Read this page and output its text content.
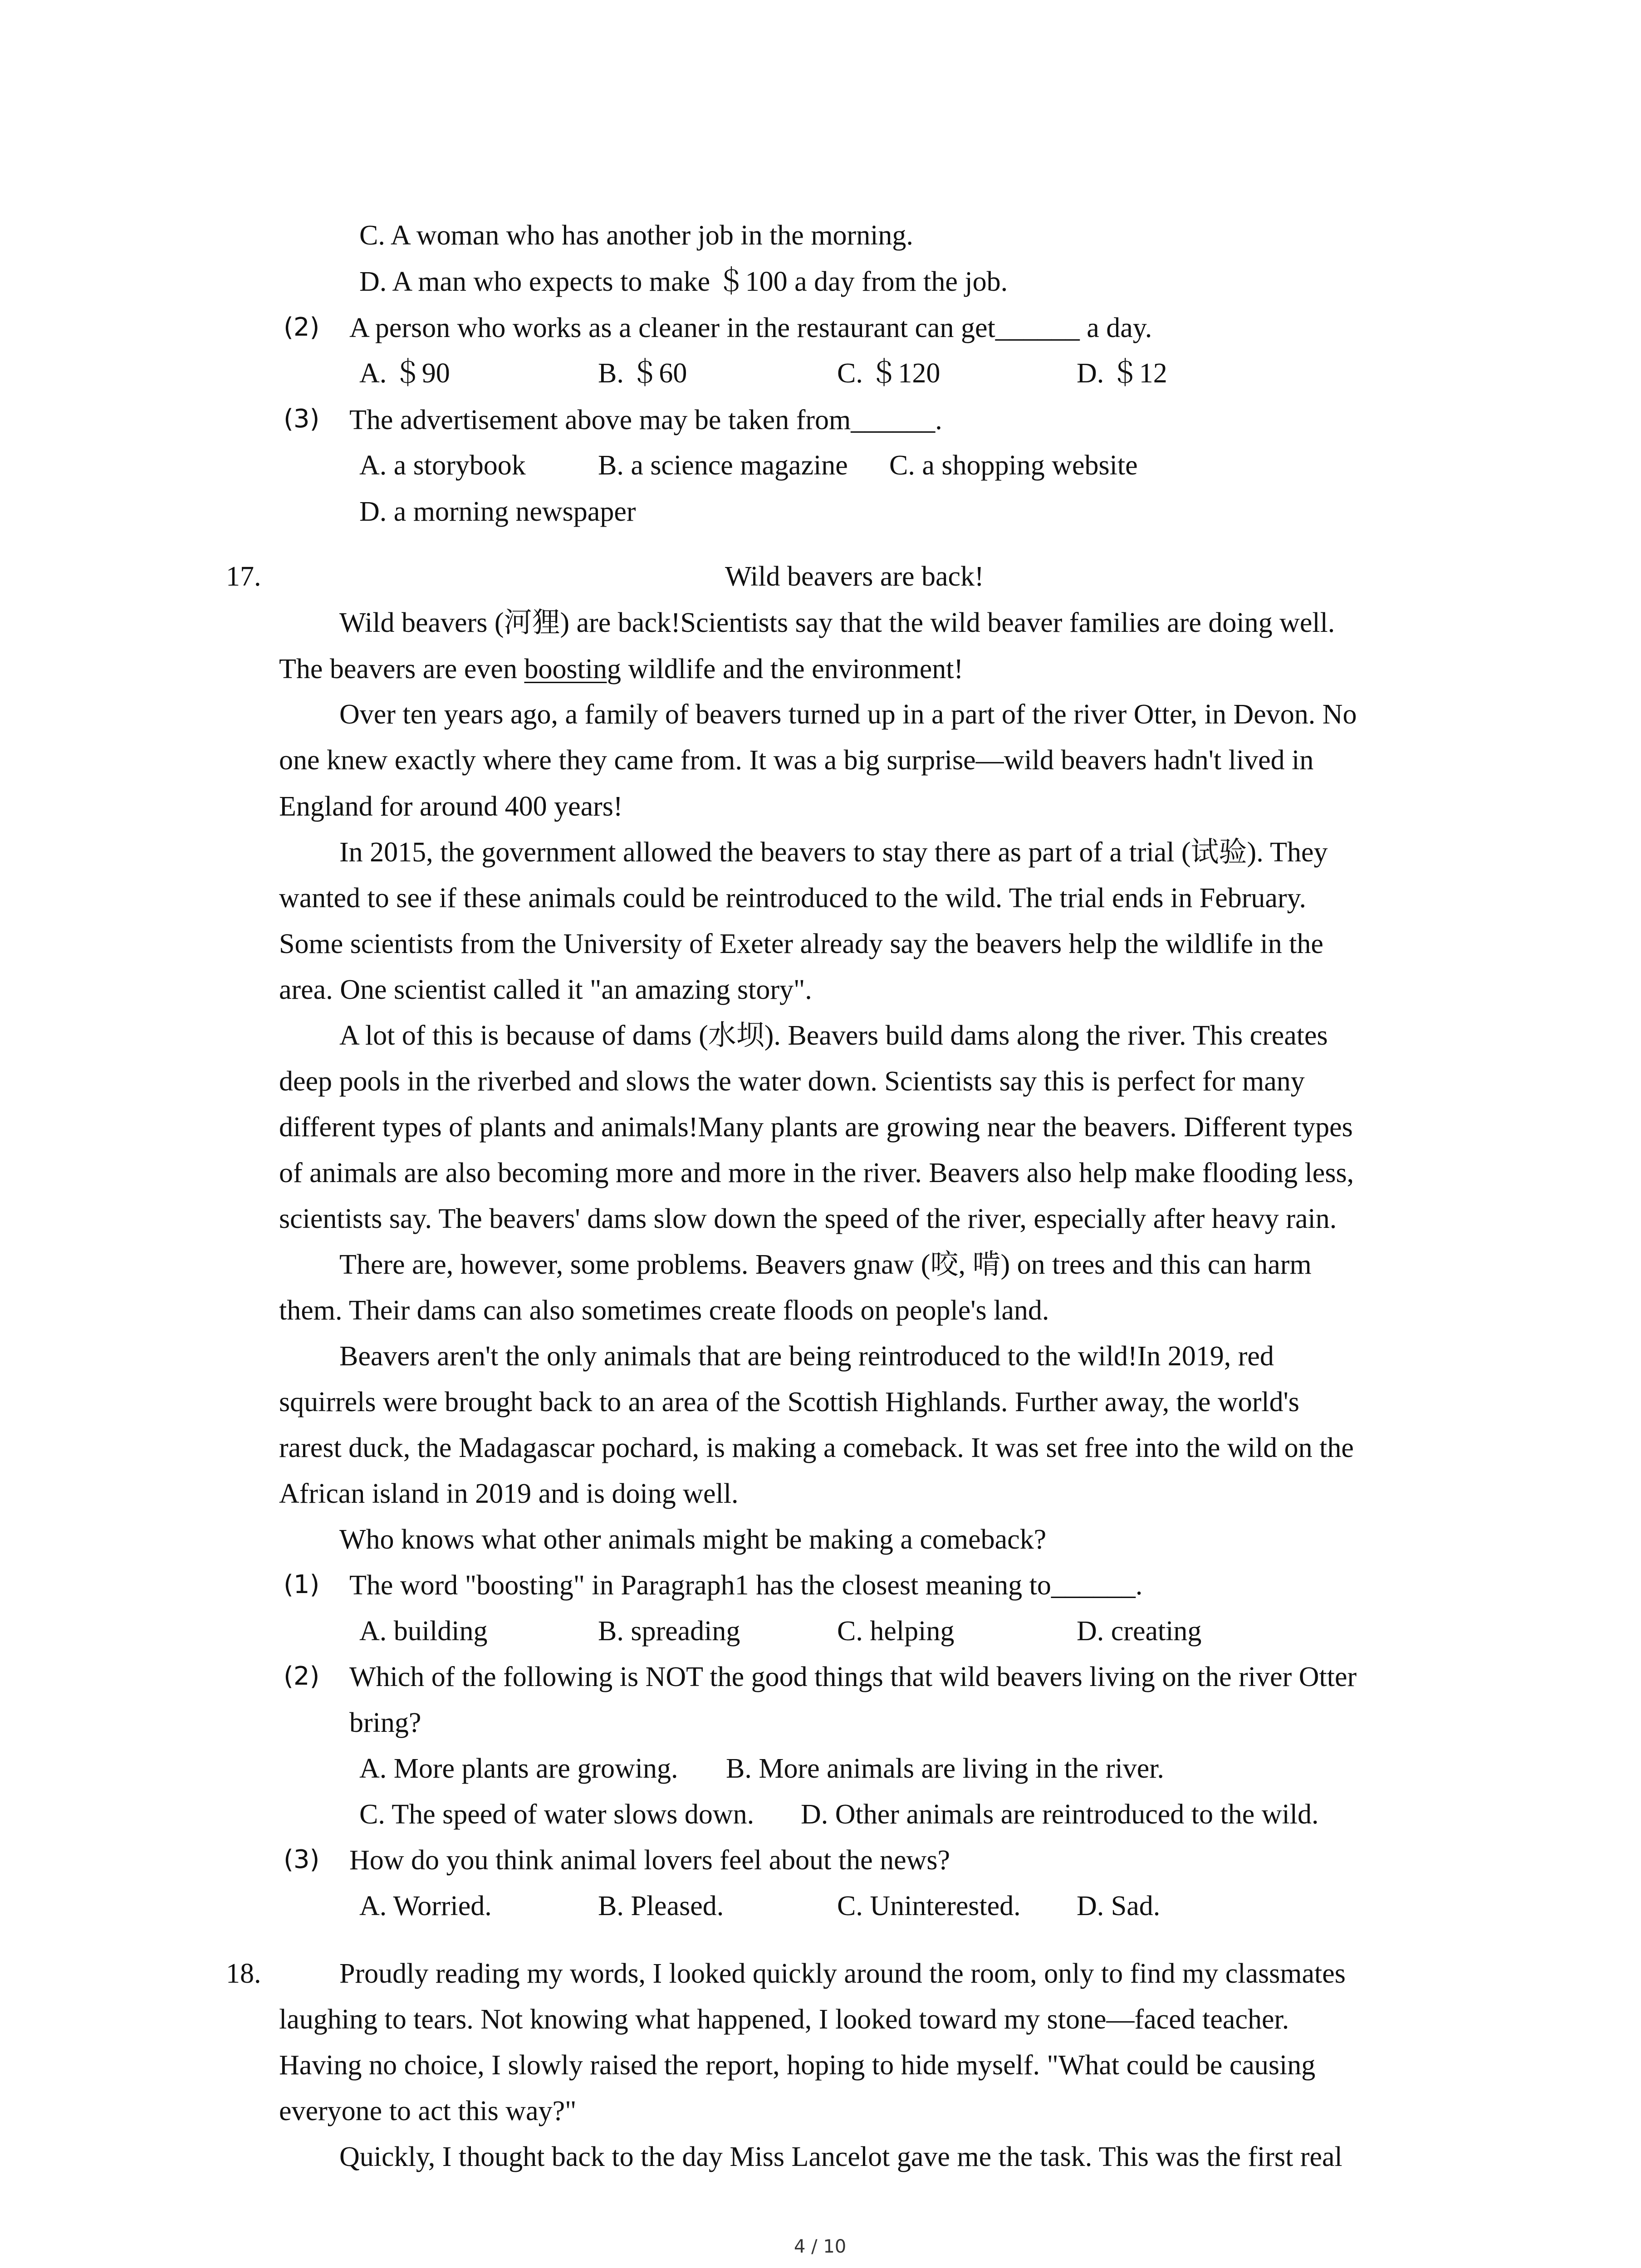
C. A woman who has another job in the morning.
D. A man who expects to make ＄100 a day from the job.
(2) A person who works as a cleaner in the restaurant can get______ a day.
A. ＄90	B. ＄60	C. ＄120	D. ＄12
(3) The advertisement above may be taken from______.
A. a storybook	B. a science magazine C. a shopping website
D. a morning newspaper
17.	Wild beavers are back!
Wild beavers (河狸) are back!Scientists say that the wild beaver families are doing well.
The beavers are even boosting wildlife and the environment!
Over ten years ago, a family of beavers turned up in a part of the river Otter, in Devon. No
one knew exactly where they came from. It was a big surprise—wild beavers hadn't lived in
England for around 400 years!
In 2015, the government allowed the beavers to stay there as part of a trial (试验). They
wanted to see if these animals could be reintroduced to the wild. The trial ends in February.
Some scientists from the University of Exeter already say the beavers help the wildlife in the
area. One scientist called it "an amazing story".
A lot of this is because of dams (水坝). Beavers build dams along the river. This creates
deep pools in the riverbed and slows the water down. Scientists say this is perfect for many
different types of plants and animals!Many plants are growing near the beavers. Different types
of animals are also becoming more and more in the river. Beavers also help make flooding less,
scientists say. The beavers' dams slow down the speed of the river, especially after heavy rain.
There are, however, some problems. Beavers gnaw (咬, 啃) on trees and this can harm
them. Their dams can also sometimes create floods on people's land.
Beavers aren't the only animals that are being reintroduced to the wild!In 2019, red
squirrels were brought back to an area of the Scottish Highlands. Further away, the world's
rarest duck, the Madagascar pochard, is making a comeback. It was set free into the wild on the
African island in 2019 and is doing well.
Who knows what other animals might be making a comeback?
(1) The word "boosting" in Paragraph1 has the closest meaning to______.
A. building	B. spreading	C. helping	D. creating
(2) Which of the following is NOT the good things that wild beavers living on the river Otter
bring?
A. More plants are growing. B. More animals are living in the river.
C. The speed of water slows down. D. Other animals are reintroduced to the wild.
(3) How do you think animal lovers feel about the news?
A. Worried.	B. Pleased.	C. Uninterested. D. Sad.
18.	Proudly reading my words, I looked quickly around the room, only to find my classmates
laughing to tears. Not knowing what happened, I looked toward my stone—faced teacher.
Having no choice, I slowly raised the report, hoping to hide myself. "What could be causing
everyone to act this way?"
Quickly, I thought back to the day Miss Lancelot gave me the task. This was the first real
4 / 10
